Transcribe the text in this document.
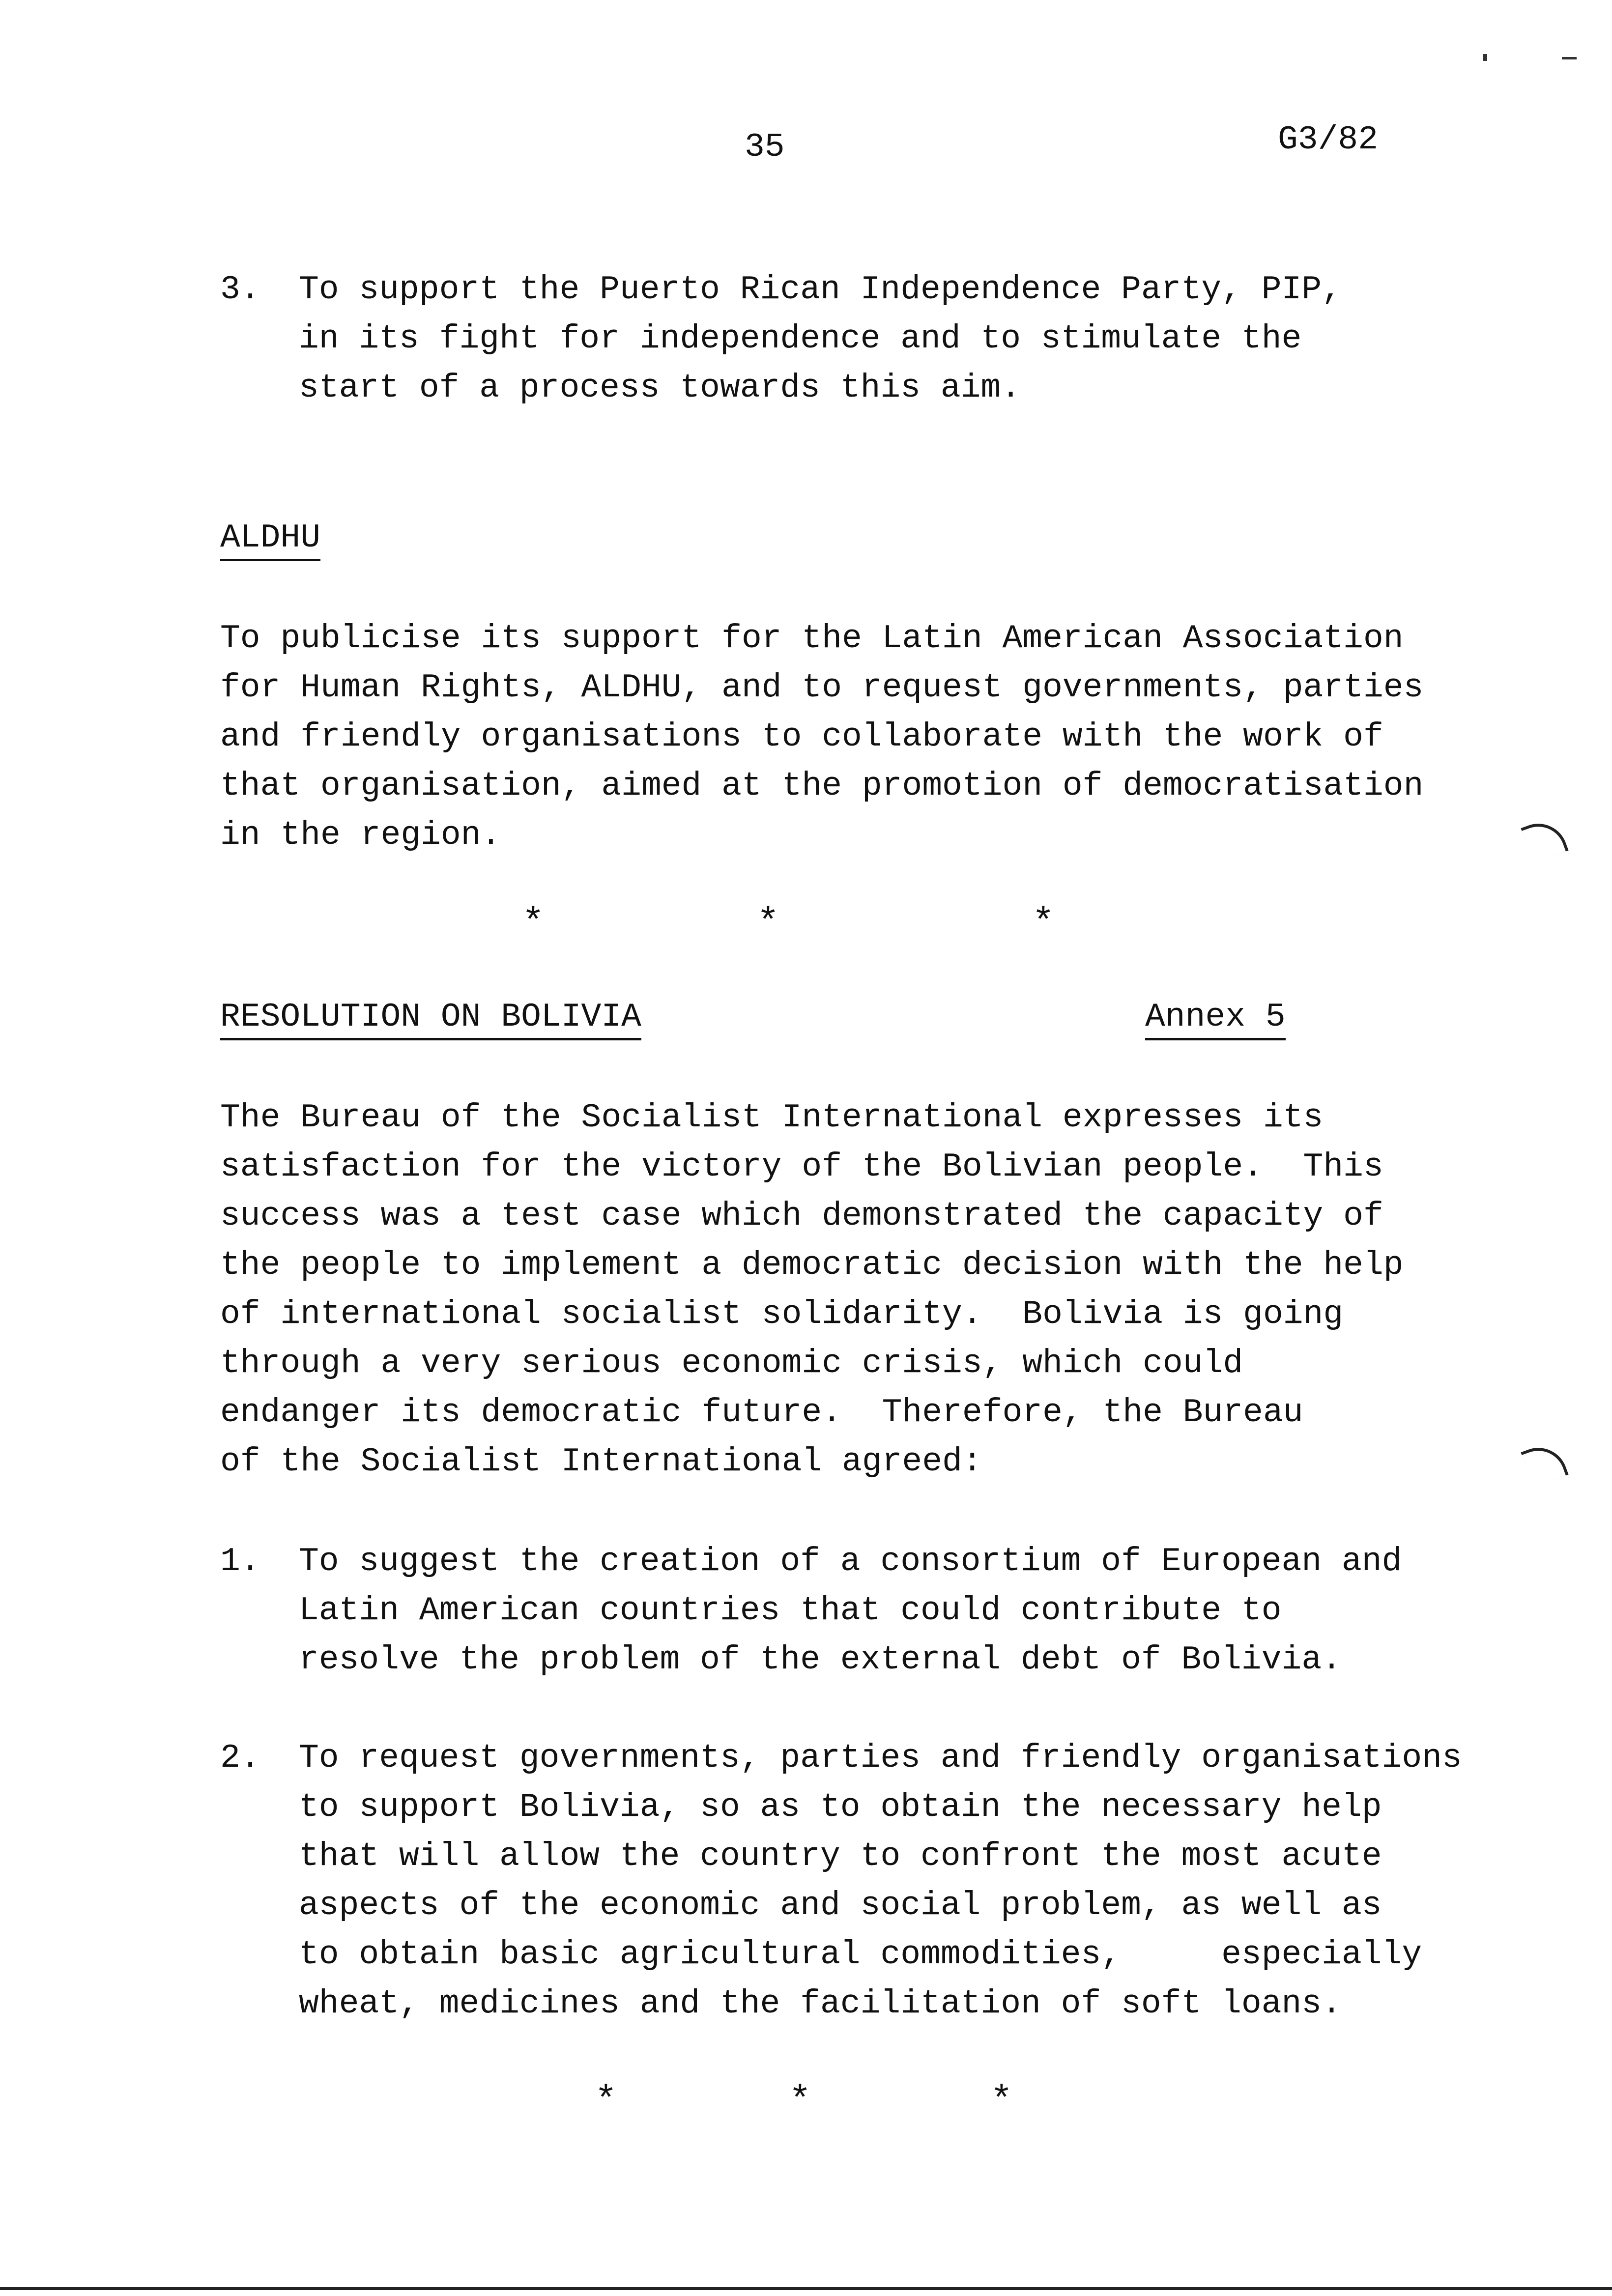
35	G3/82
3. To support the Puerto Rican Independence Party, PIP,
in its fight for independence and to stimulate the
start of a process towards this aim.
ALDHU
To publicise its support for the Latin American Association
for Human Rights, ALDHU, and to request governments, parties
and friendly organisations to collaborate with the work of
that organisation, aimed at the promotion of democratisation
in the region.
*	*	*
RESOLUTION ON BOLIVIA	Annex 5
The Bureau of the Socialist International expresses its
satisfaction for the victory of the Bolivian people.  This
success was a test case which demonstrated the capacity of
the people to implement a democratic decision with the help
of international socialist solidarity.  Bolivia is going
through a very serious economic crisis, which could
endanger its democratic future.  Therefore, the Bureau
of the Socialist International agreed:
1. To suggest the creation of a consortium of European and
Latin American countries that could contribute to
resolve the problem of the external debt of Bolivia.
2. To request governments, parties and friendly organisations
to support Bolivia, so as to obtain the necessary help
that will allow the country to confront the most acute
aspects of the economic and social problem, as well as
to obtain basic agricultural commodities,     especially
wheat, medicines and the facilitation of soft loans.
*	*	*
